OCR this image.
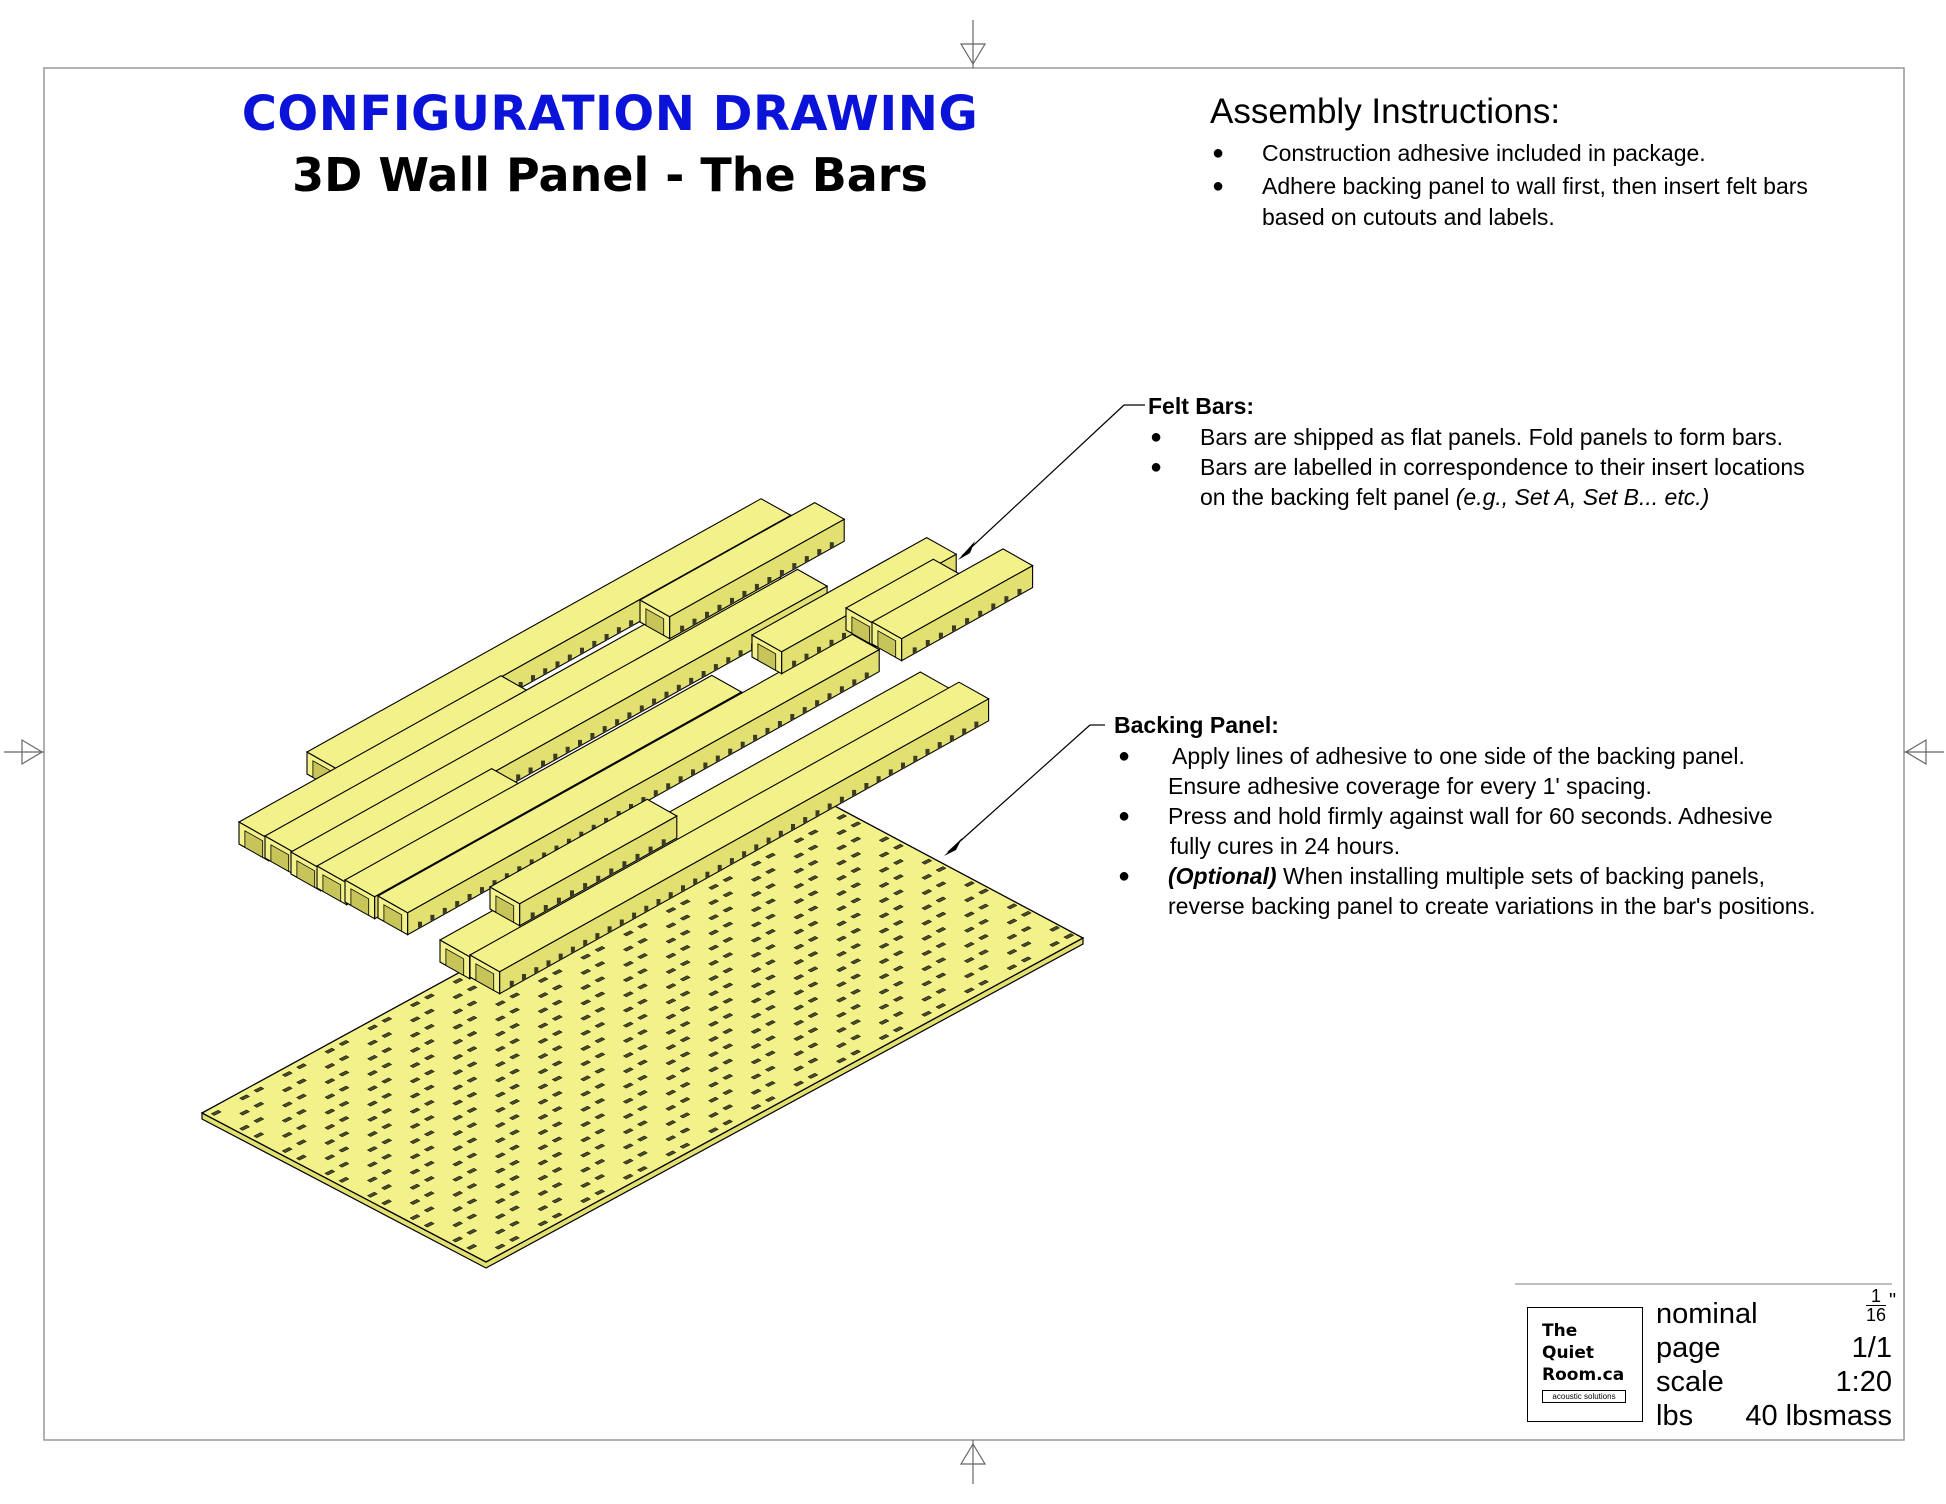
CONFIGURATION DRAWING
3D Wall Panel - The Bars
Assembly Instructions:
● Construction adhesive included in package.
● Adhere backing panel to wall first, then insert felt bars
based on cutouts and labels.
Felt Bars:
● Bars are shipped as flat panels. Fold panels to form bars.
● Bars are labelled in correspondence to their insert locations
on the backing felt panel (e.g., Set A, Set B... etc.)
Backing Panel:
● Apply lines of adhesive to one side of the backing panel.
Ensure adhesive coverage for every 1' spacing.
● Press and hold firmly against wall for 60 seconds. Adhesive
fully cures in 24 hours.
● (Optional) When installing multiple sets of backing panels,
reverse backing panel to create variations in the bar's positions.
The
Quiet
Room.ca
acoustic solutions
nominal	$\frac{1}{16}$ "
page	1/1
scale	1:20
lbs 40 lbsmass
